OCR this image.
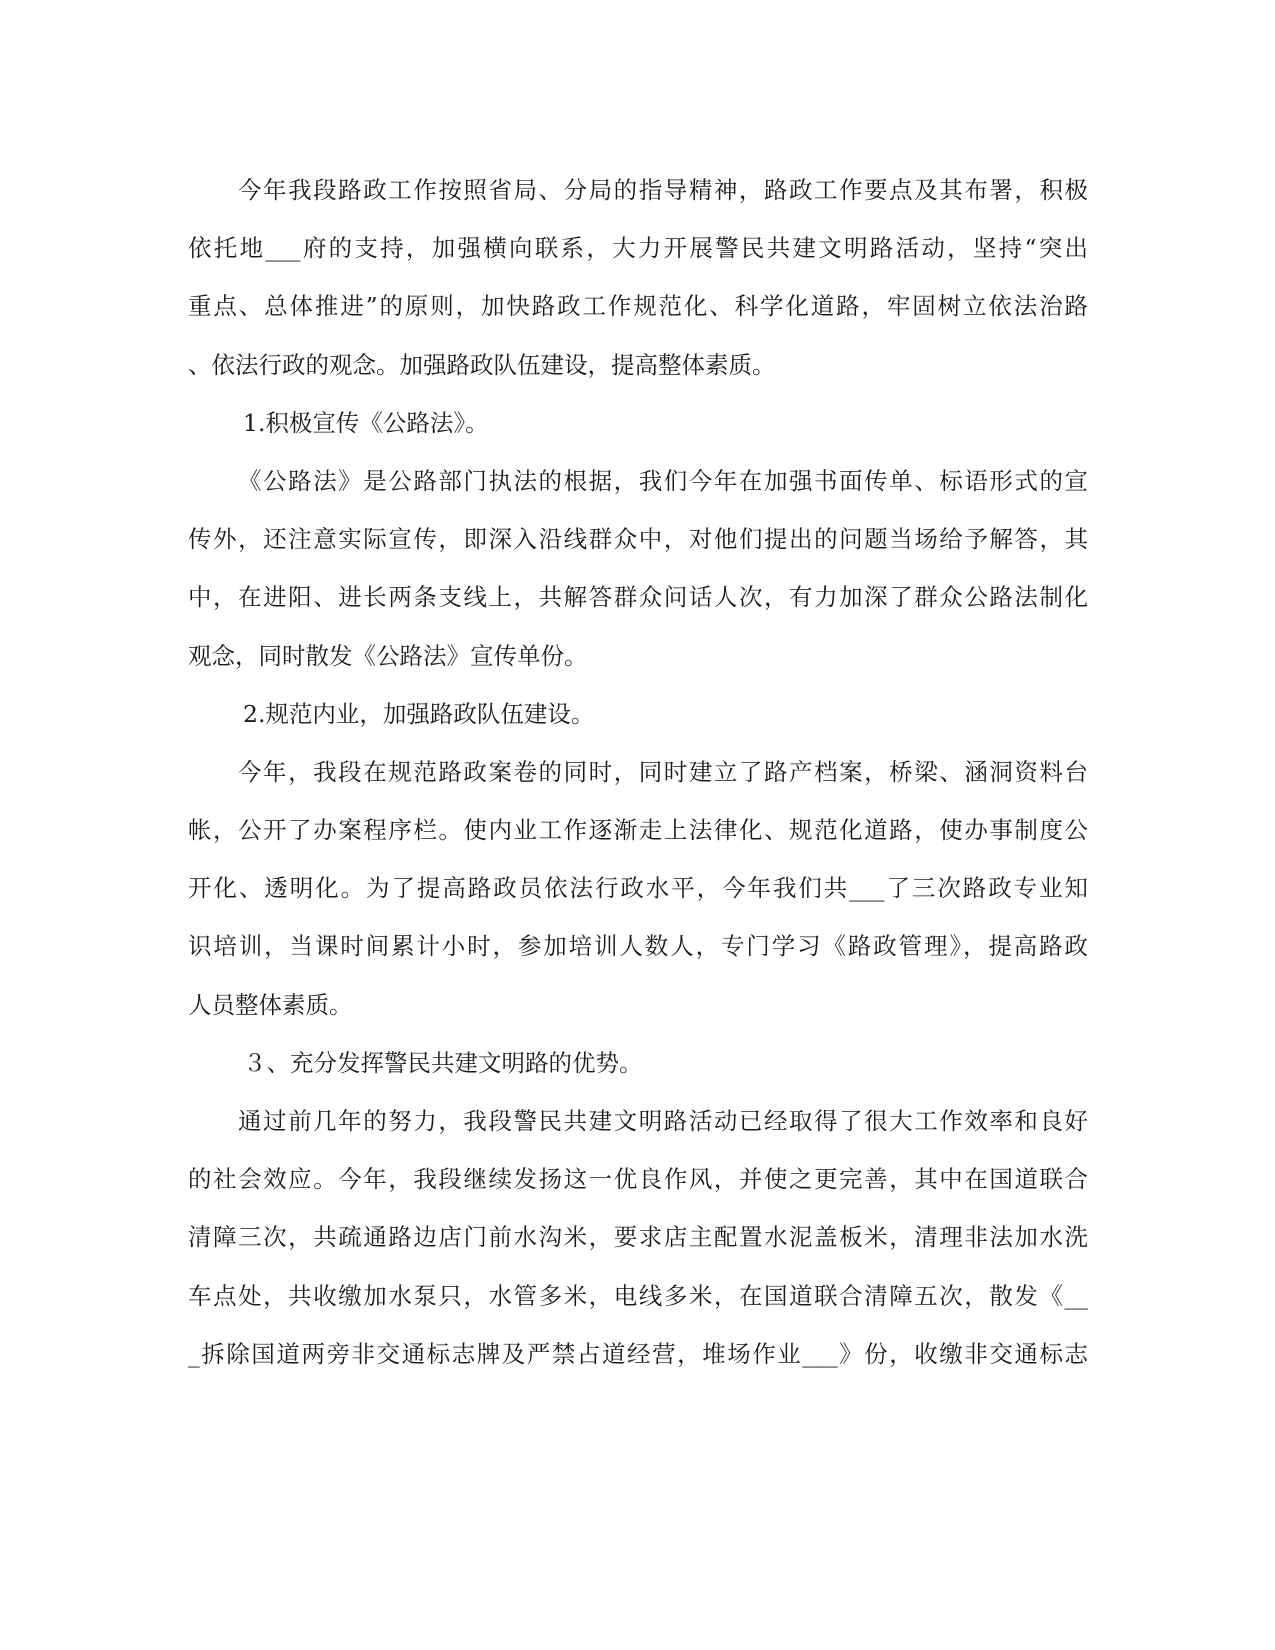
今年我段路政工作按照省局、分局的指导精神，路政工作要点及其布署，积极
依托地___府的支持，加强横向联系，大力开展警民共建文明路活动，坚持“突出
重点、总体推进”的原则，加快路政工作规范化、科学化道路，牢固树立依法治路
、依法行政的观念。加强路政队伍建设，提高整体素质。
1.积极宣传《公路法》。
《公路法》是公路部门执法的根据，我们今年在加强书面传单、标语形式的宣
传外，还注意实际宣传，即深入沿线群众中，对他们提出的问题当场给予解答，其
中，在进阳、进长两条支线上，共解答群众问话人次，有力加深了群众公路法制化
观念，同时散发《公路法》宣传单份。
2.规范内业，加强路政队伍建设。
今年，我段在规范路政案卷的同时，同时建立了路产档案，桥梁、涵洞资料台
帐，公开了办案程序栏。使内业工作逐渐走上法律化、规范化道路，使办事制度公
开化、透明化。为了提高路政员依法行政水平，今年我们共___了三次路政专业知
识培训，当课时间累计小时，参加培训人数人，专门学习《路政管理》，提高路政
人员整体素质。
３、充分发挥警民共建文明路的优势。
通过前几年的努力，我段警民共建文明路活动已经取得了很大工作效率和良好
的社会效应。今年，我段继续发扬这一优良作风，并使之更完善，其中在国道联合
清障三次，共疏通路边店门前水沟米，要求店主配置水泥盖板米，清理非法加水洗
车点处，共收缴加水泵只，水管多米，电线多米，在国道联合清障五次，散发《__
_拆除国道两旁非交通标志牌及严禁占道经营，堆场作业___》份，收缴非交通标志
